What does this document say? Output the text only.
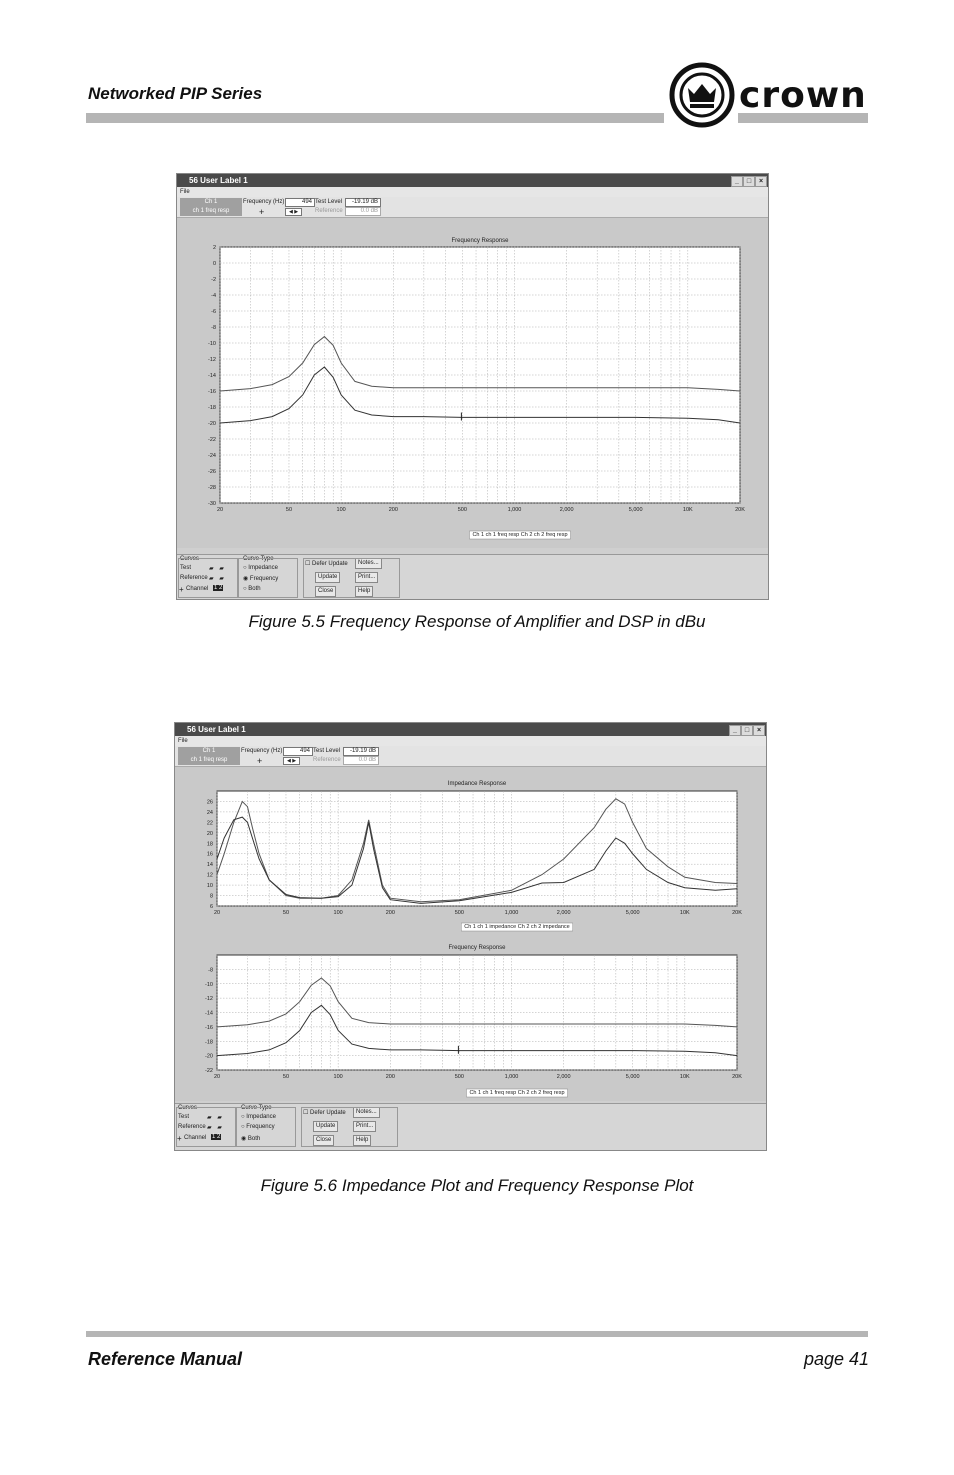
Networked PIP Series	crown
56 User Label 1	_	□	×
File
Ch 1
ch 1 freq resp
Frequency (Hz)	494 Test Level	-19.19 dB
+	◀ ▶	Reference	0.0 dB
Frequency Response
2
0
-2
-4
-6
-8
-10
-12
-14
-16
-18
-20
-22
-24
-26
-28
-30
20	50	100	200	500	1,000	2,000	5,000	10K	20K
Ch 1 ch 1 freq resp Ch 2 ch 2 freq resp
Curves
Test
Reference
Channel
Curve Type
○ Impedance
◉ Frequency
○ Both
☐ Defer Update	Notes...
Update	Print...
Close	Help
▰ ▰
▰ ▰
+	1 2
Figure 5.5 Frequency Response of Amplifier and DSP in dBu
56 User Label 1	_	□	×
File
Ch 1
ch 1 freq resp
Frequency (Hz)	494 Test Level	-19.19 dB
+	◀ ▶	Reference	0.0 dB
Impedance Response
26
24
22
20
18
16
14
12
10
8
6
20	50	100	200	500	1,000	2,000	5,000	10K	20K
Ch 1 ch 1 impedance Ch 2 ch 2 impedance
Frequency Response
-8
-10
-12
-14
-16
-18
-20
-22
20	50	100	200	500	1,000	2,000	5,000	10K	20K
Ch 1 ch 1 freq resp Ch 2 ch 2 freq resp
Curves
Test
Reference
Channel
Curve Type
○ Impedance
○ Frequency
◉ Both
☐ Defer Update	Notes...
Update	Print...
Close	Help
▰ ▰
▰ ▰
+	1 2
Figure 5.6 Impedance Plot and Frequency Response Plot
Reference Manual	page 41
